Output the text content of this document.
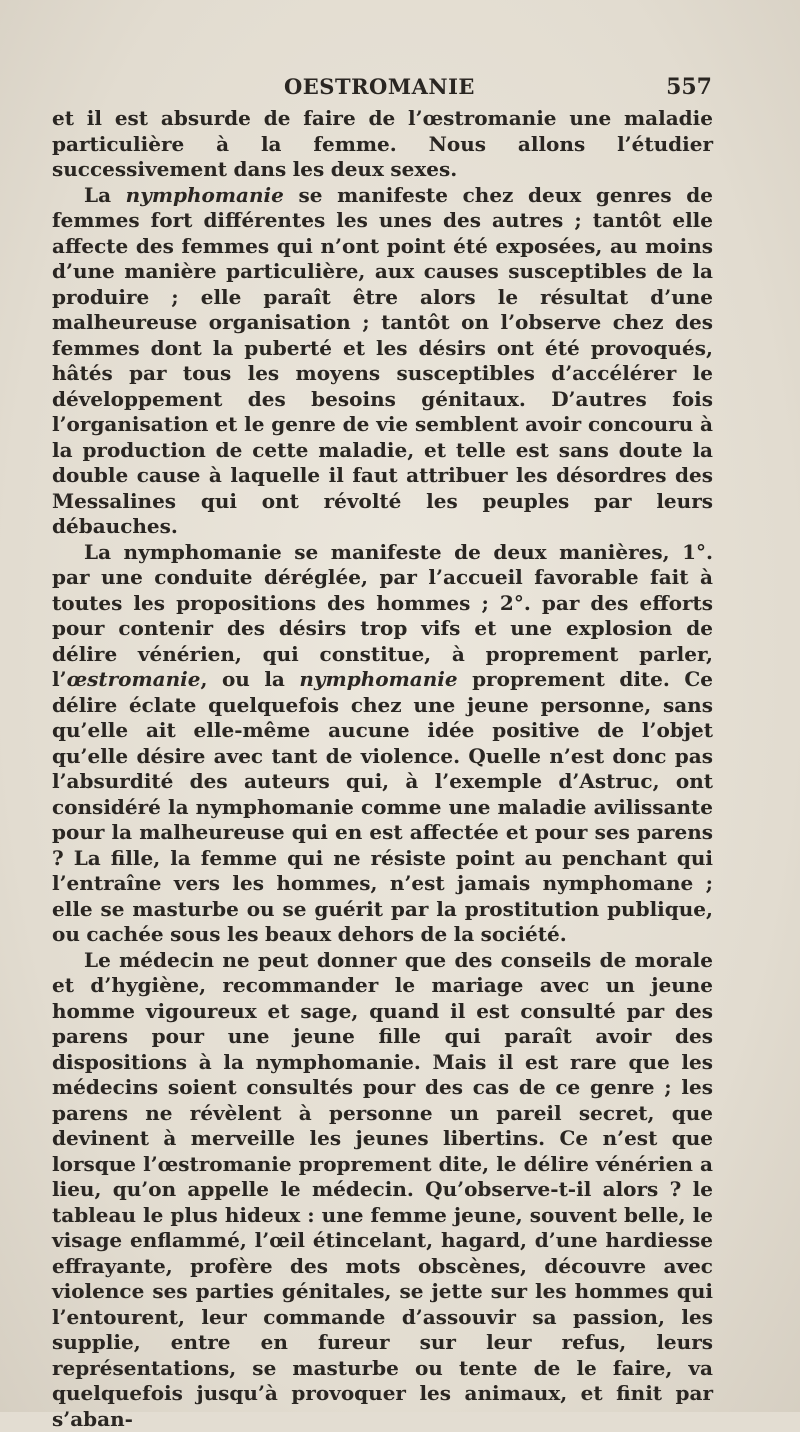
OESTROMANIE	557

et il est absurde de faire de l’œstromanie une maladie particulière à la femme. Nous allons l’étudier successivement dans les deux sexes.

La nymphomanie se manifeste chez deux genres de femmes fort différentes les unes des autres ; tantôt elle affecte des femmes qui n’ont point été exposées, au moins d’une manière particulière, aux causes susceptibles de la produire ; elle paraît être alors le résultat d’une malheureuse organisation ; tantôt on l’observe chez des femmes dont la puberté et les désirs ont été provoqués, hâtés par tous les moyens susceptibles d’accélérer le développement des besoins génitaux. D’autres fois l’organisation et le genre de vie semblent avoir concouru à la production de cette maladie, et telle est sans doute la double cause à laquelle il faut attribuer les désordres des Messalines qui ont révolté les peuples par leurs débauches.

La nymphomanie se manifeste de deux manières, 1°. par une conduite déréglée, par l’accueil favorable fait à toutes les propositions des hommes ; 2°. par des efforts pour contenir des désirs trop vifs et une explosion de délire vénérien, qui constitue, à proprement parler, l’œstromanie, ou la nymphomanie proprement dite. Ce délire éclate quelquefois chez une jeune personne, sans qu’elle ait elle-même aucune idée positive de l’objet qu’elle désire avec tant de violence. Quelle n’est donc pas l’absurdité des auteurs qui, à l’exemple d’Astruc, ont considéré la nymphomanie comme une maladie avilissante pour la malheureuse qui en est affectée et pour ses parens ? La fille, la femme qui ne résiste point au penchant qui l’entraîne vers les hommes, n’est jamais nymphomane ; elle se masturbe ou se guérit par la prostitution publique, ou cachée sous les beaux dehors de la société.

Le médecin ne peut donner que des conseils de morale et d’hygiène, recommander le mariage avec un jeune homme vigoureux et sage, quand il est consulté par des parens pour une jeune fille qui paraît avoir des dispositions à la nymphomanie. Mais il est rare que les médecins soient consultés pour des cas de ce genre ; les parens ne révèlent à personne un pareil secret, que devinent à merveille les jeunes libertins. Ce n’est que lorsque l’œstromanie proprement dite, le délire vénérien a lieu, qu’on appelle le médecin. Qu’observe-t-il alors ? le tableau le plus hideux : une femme jeune, souvent belle, le visage enflammé, l’œil étincelant, hagard, d’une hardiesse effrayante, profère des mots obscènes, découvre avec violence ses parties génitales, se jette sur les hommes qui l’entourent, leur commande d’assouvir sa passion, les supplie, entre en fureur sur leur refus, leurs représentations, se masturbe ou tente de le faire, va quelquefois jusqu’à provoquer les animaux, et finit par s’aban-
